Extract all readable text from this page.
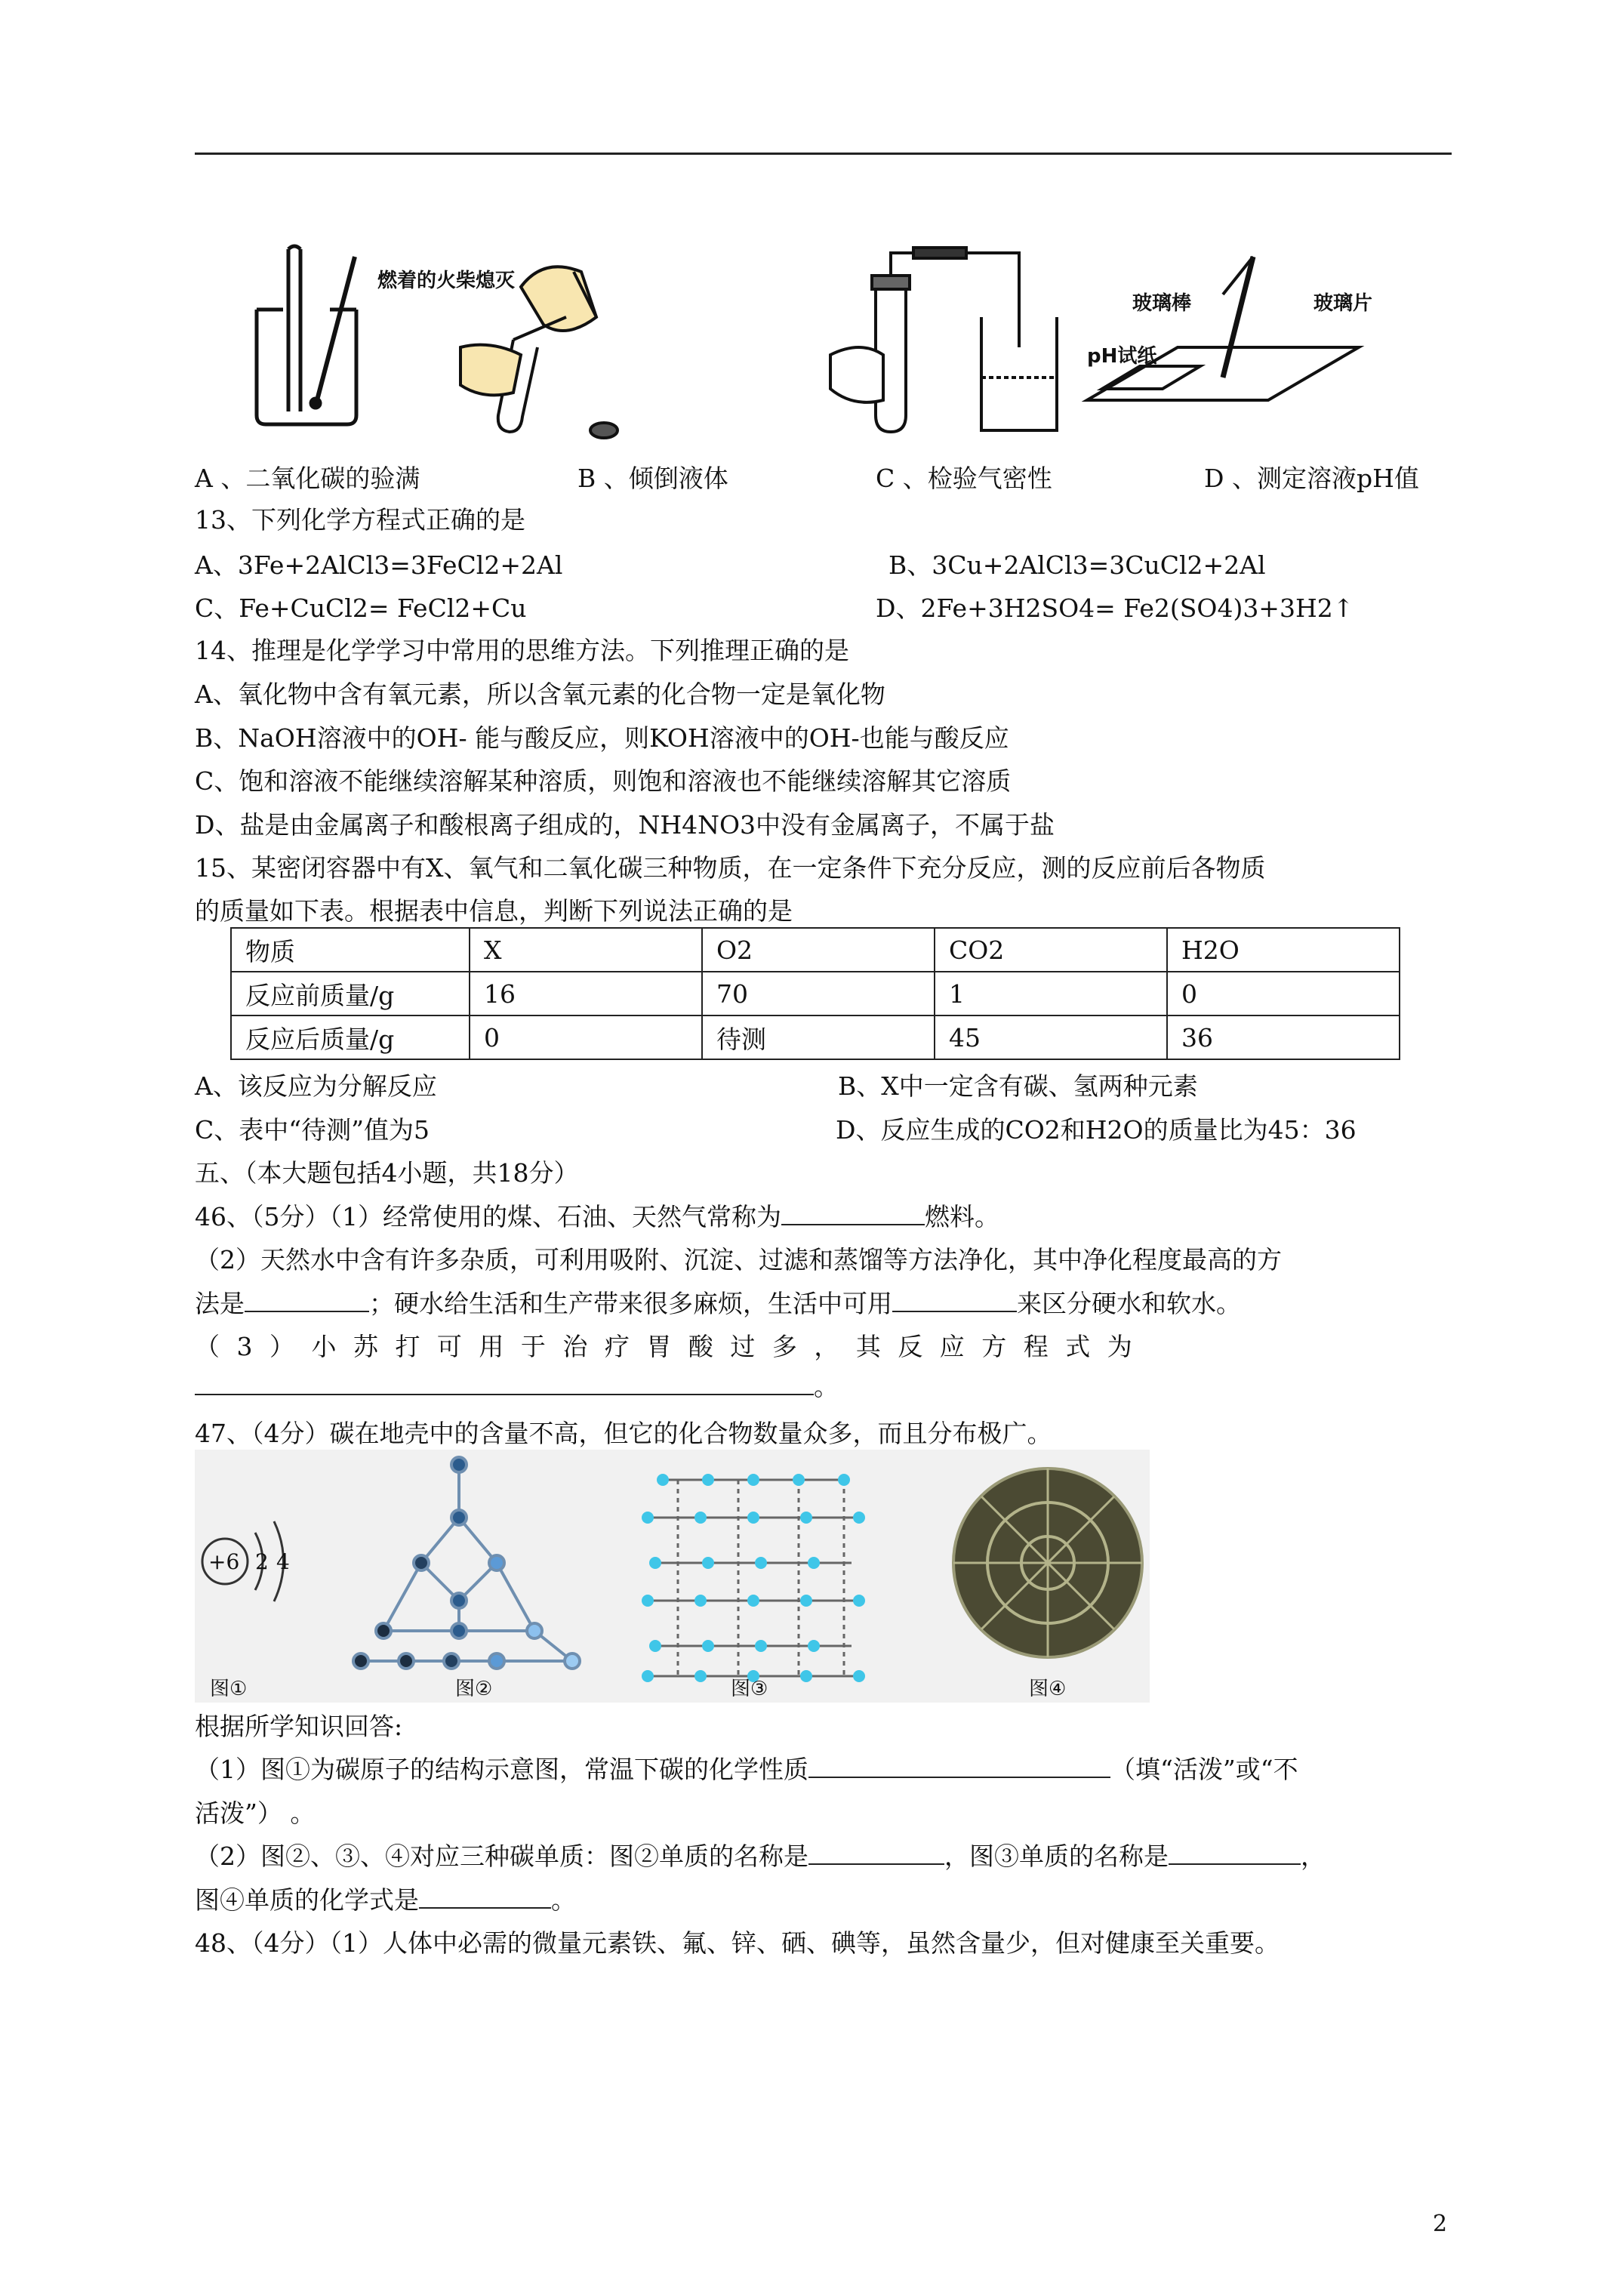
燃着的火柴熄灭
玻璃棒
pH试纸
玻璃片
A 、二氧化碳的验满	B 、倾倒液体	C 、检验气密性	D 、测定溶液pH值
13、下列化学方程式正确的是
A、3Fe+2AlCl3=3FeCl2+2Al	B、3Cu+2AlCl3=3CuCl2+2Al
C、Fe+CuCl2= FeCl2+Cu	D、2Fe+3H2SO4= Fe2(SO4)3+3H2↑
14、推理是化学学习中常用的思维方法。下列推理正确的是
A、氧化物中含有氧元素，所以含氧元素的化合物一定是氧化物
B、NaOH溶液中的OH- 能与酸反应，则KOH溶液中的OH-也能与酸反应
C、饱和溶液不能继续溶解某种溶质，则饱和溶液也不能继续溶解其它溶质
D、盐是由金属离子和酸根离子组成的，NH4NO3中没有金属离子，不属于盐
15、某密闭容器中有X、氧气和二氧化碳三种物质，在一定条件下充分反应，测的反应前后各物质
的质量如下表。根据表中信息，判断下列说法正确的是
物质	X	O2	CO2	H2O
反应前质量/g	16	70	1	0
反应后质量/g	0	待测	45	36
A、该反应为分解反应	B、X中一定含有碳、氢两种元素
C、表中“待测”值为5	D、反应生成的CO2和H2O的质量比为45：36
五、（本大题包括4小题，共18分）
46、（5分）（1）经常使用的煤、石油、天然气常称为	燃料。
（2）天然水中含有许多杂质，可利用吸附、沉淀、过滤和蒸馏等方法净化，其中净化程度最高的方
法是	；硬水给生活和生产带来很多麻烦，生活中可用	来区分硬水和软水。
（ 3 ） 小 苏 打 可 用 于 治 疗 胃 酸 过 多 ， 其 反 应 方 程 式 为
。
47、（4分）碳在地壳中的含量不高，但它的化合物数量众多，而且分布极广。
+6 2 4
图①	图②	图③	图④
根据所学知识回答:
（1）图①为碳原子的结构示意图，常温下碳的化学性质	（填“活泼”或“不
活泼”） 。
（2）图②、③、④对应三种碳单质：图②单质的名称是	，图③单质的名称是	，
图④单质的化学式是	。
48、（4分）（1）人体中必需的微量元素铁、氟、锌、硒、碘等，虽然含量少，但对健康至关重要。
2
